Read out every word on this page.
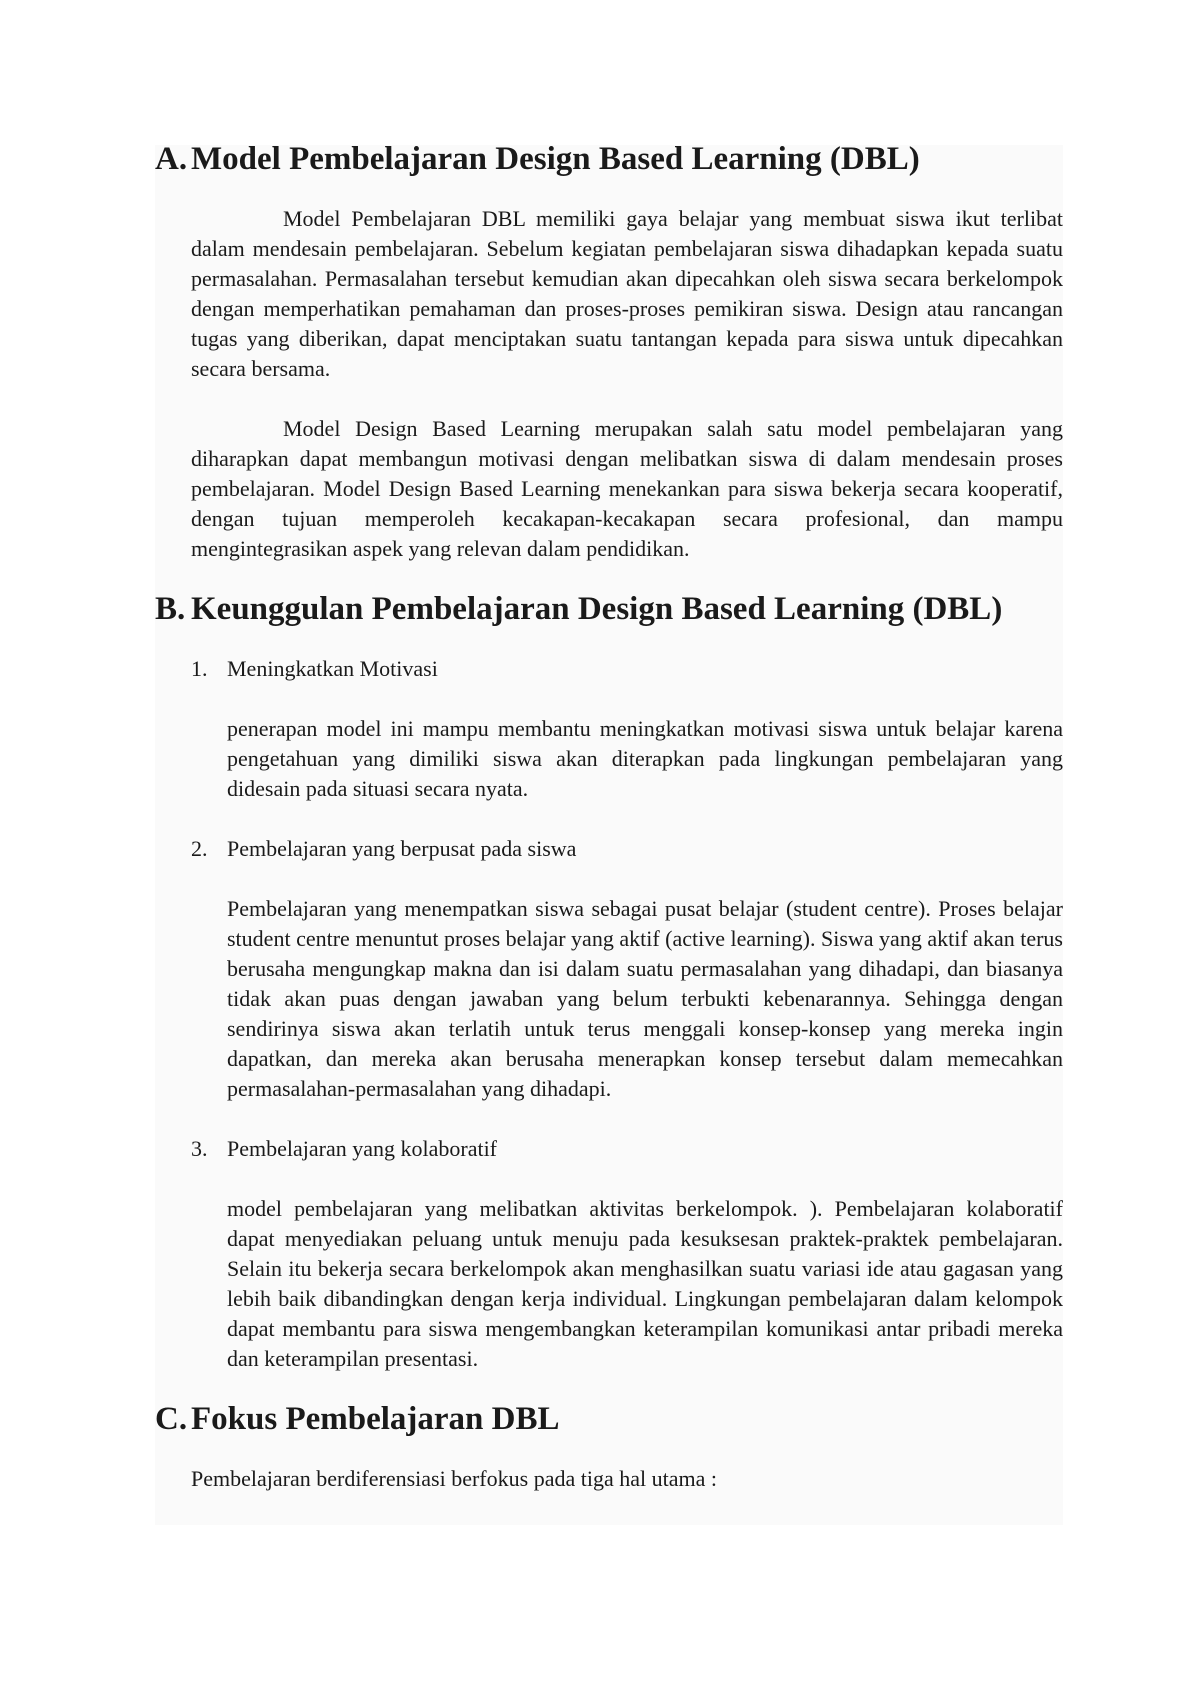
A. Model Pembelajaran Design Based Learning (DBL)

Model Pembelajaran DBL memiliki gaya belajar yang membuat siswa ikut terlibat dalam mendesain pembelajaran. Sebelum kegiatan pembelajaran siswa dihadapkan kepada suatu permasalahan. Permasalahan tersebut kemudian akan dipecahkan oleh siswa secara berkelompok dengan memperhatikan pemahaman dan proses-proses pemikiran siswa. Design atau rancangan tugas yang diberikan, dapat menciptakan suatu tantangan kepada para siswa untuk dipecahkan secara bersama.

Model Design Based Learning merupakan salah satu model pembelajaran yang diharapkan dapat membangun motivasi dengan melibatkan siswa di dalam mendesain proses pembelajaran. Model Design Based Learning menekankan para siswa bekerja secara kooperatif, dengan tujuan memperoleh kecakapan-kecakapan secara profesional, dan mampu mengintegrasikan aspek yang relevan dalam pendidikan.

B. Keunggulan Pembelajaran Design Based Learning (DBL)

1. Meningkatkan Motivasi

penerapan model ini mampu membantu meningkatkan motivasi siswa untuk belajar karena pengetahuan yang dimiliki siswa akan diterapkan pada lingkungan pembelajaran yang didesain pada situasi secara nyata.

2. Pembelajaran yang berpusat pada siswa

Pembelajaran yang menempatkan siswa sebagai pusat belajar (student centre). Proses belajar student centre menuntut proses belajar yang aktif (active learning). Siswa yang aktif akan terus berusaha mengungkap makna dan isi dalam suatu permasalahan yang dihadapi, dan biasanya tidak akan puas dengan jawaban yang belum terbukti kebenarannya. Sehingga dengan sendirinya siswa akan terlatih untuk terus menggali konsep-konsep yang mereka ingin dapatkan, dan mereka akan berusaha menerapkan konsep tersebut dalam memecahkan permasalahan-permasalahan yang dihadapi.

3. Pembelajaran yang kolaboratif

model pembelajaran yang melibatkan aktivitas berkelompok. ). Pembelajaran kolaboratif dapat menyediakan peluang untuk menuju pada kesuksesan praktek-praktek pembelajaran. Selain itu bekerja secara berkelompok akan menghasilkan suatu variasi ide atau gagasan yang lebih baik dibandingkan dengan kerja individual. Lingkungan pembelajaran dalam kelompok dapat membantu para siswa mengembangkan keterampilan komunikasi antar pribadi mereka dan keterampilan presentasi.

C. Fokus Pembelajaran DBL

Pembelajaran berdiferensiasi berfokus pada tiga hal utama :
